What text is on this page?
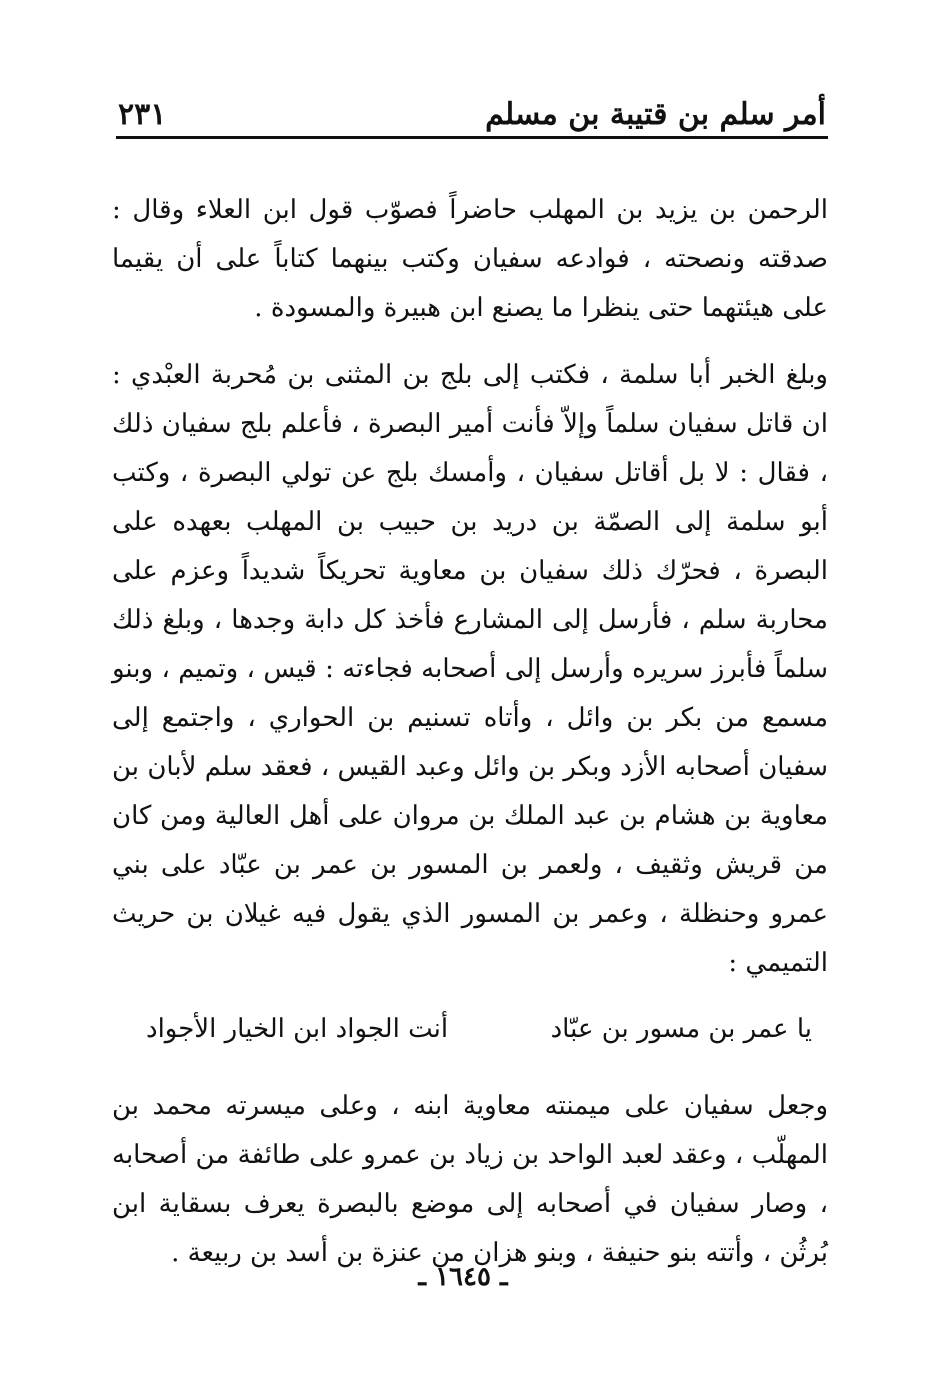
أمر سلم بن قتيبة بن مسلم
٢٣١

الرحمن بن يزيد بن المهلب حاضراً فصوّب قول ابن العلاء وقال : صدقته ونصحته ، فوادعه سفيان وكتب بينهما كتاباً على أن يقيما على هيئتهما حتى ينظرا ما يصنع ابن هبيرة والمسودة .

وبلغ الخبر أبا سلمة ، فكتب إلى بلج بن المثنى بن مُحربة العبْدي : ان قاتل سفيان سلماً وإلاّ فأنت أمير البصرة ، فأعلم بلج سفيان ذلك ، فقال : لا بل أقاتل سفيان ، وأمسك بلج عن تولي البصرة ، وكتب أبو سلمة إلى الصمّة بن دريد بن حبيب بن المهلب بعهده على البصرة ، فحرّك ذلك سفيان بن معاوية تحريكاً شديداً وعزم على محاربة سلم ، فأرسل إلى المشارع فأخذ كل دابة وجدها ، وبلغ ذلك سلماً فأبرز سريره وأرسل إلى أصحابه فجاءته : قيس ، وتميم ، وبنو مسمع من بكر بن وائل ، وأتاه تسنيم بن الحواري ، واجتمع إلى سفيان أصحابه الأزد وبكر بن وائل وعبد القيس ، فعقد سلم لأبان بن معاوية بن هشام بن عبد الملك بن مروان على أهل العالية ومن كان من قريش وثقيف ، ولعمر بن المسور بن عمر بن عبّاد على بني عمرو وحنظلة ، وعمر بن المسور الذي يقول فيه غيلان بن حريث التميمي :

يا عمر بن مسور بن عبّاد
أنت الجواد ابن الخيار الأجواد

وجعل سفيان على ميمنته معاوية ابنه ، وعلى ميسرته محمد بن المهلّب ، وعقد لعبد الواحد بن زياد بن عمرو على طائفة من أصحابه ، وصار سفيان في أصحابه إلى موضع بالبصرة يعرف بسقاية ابن بُرثُن ، وأتته بنو حنيفة ، وبنو هزان من عنزة بن أسد بن ربيعة .

ـ ١٦٤٥ ـ
